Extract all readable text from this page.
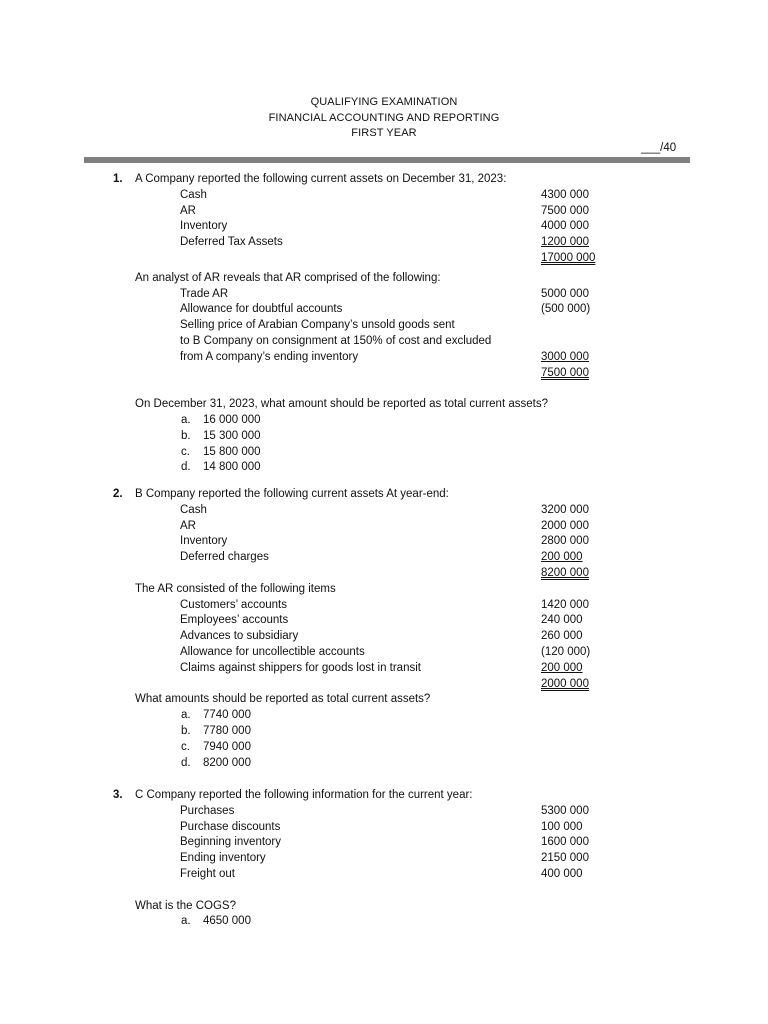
QUALIFYING EXAMINATION
FINANCIAL ACCOUNTING AND REPORTING
FIRST YEAR
___/40
1. A Company reported the following current assets on December 31, 2023:
Cash	4300 000
AR	7500 000
Inventory	4000 000
Deferred Tax Assets	1200 000
17000 000
An analyst of AR reveals that AR comprised of the following:
Trade AR	5000 000
Allowance for doubtful accounts	(500 000)
Selling price of Arabian Company’s unsold goods sent
to B Company on consignment at 150% of cost and excluded
from A company’s ending inventory	3000 000
7500 000
On December 31, 2023, what amount should be reported as total current assets?
a. 16 000 000
b. 15 300 000
c. 15 800 000
d. 14 800 000
2. B Company reported the following current assets At year-end:
Cash	3200 000
AR	2000 000
Inventory	2800 000
Deferred charges	200 000
8200 000
The AR consisted of the following items
Customers’ accounts	1420 000
Employees’ accounts	240 000
Advances to subsidiary	260 000
Allowance for uncollectible accounts	(120 000)
Claims against shippers for goods lost in transit	200 000
2000 000
What amounts should be reported as total current assets?
a. 7740 000
b. 7780 000
c. 7940 000
d. 8200 000
3. C Company reported the following information for the current year:
Purchases	5300 000
Purchase discounts	100 000
Beginning inventory	1600 000
Ending inventory	2150 000
Freight out	400 000
What is the COGS?
a. 4650 000
